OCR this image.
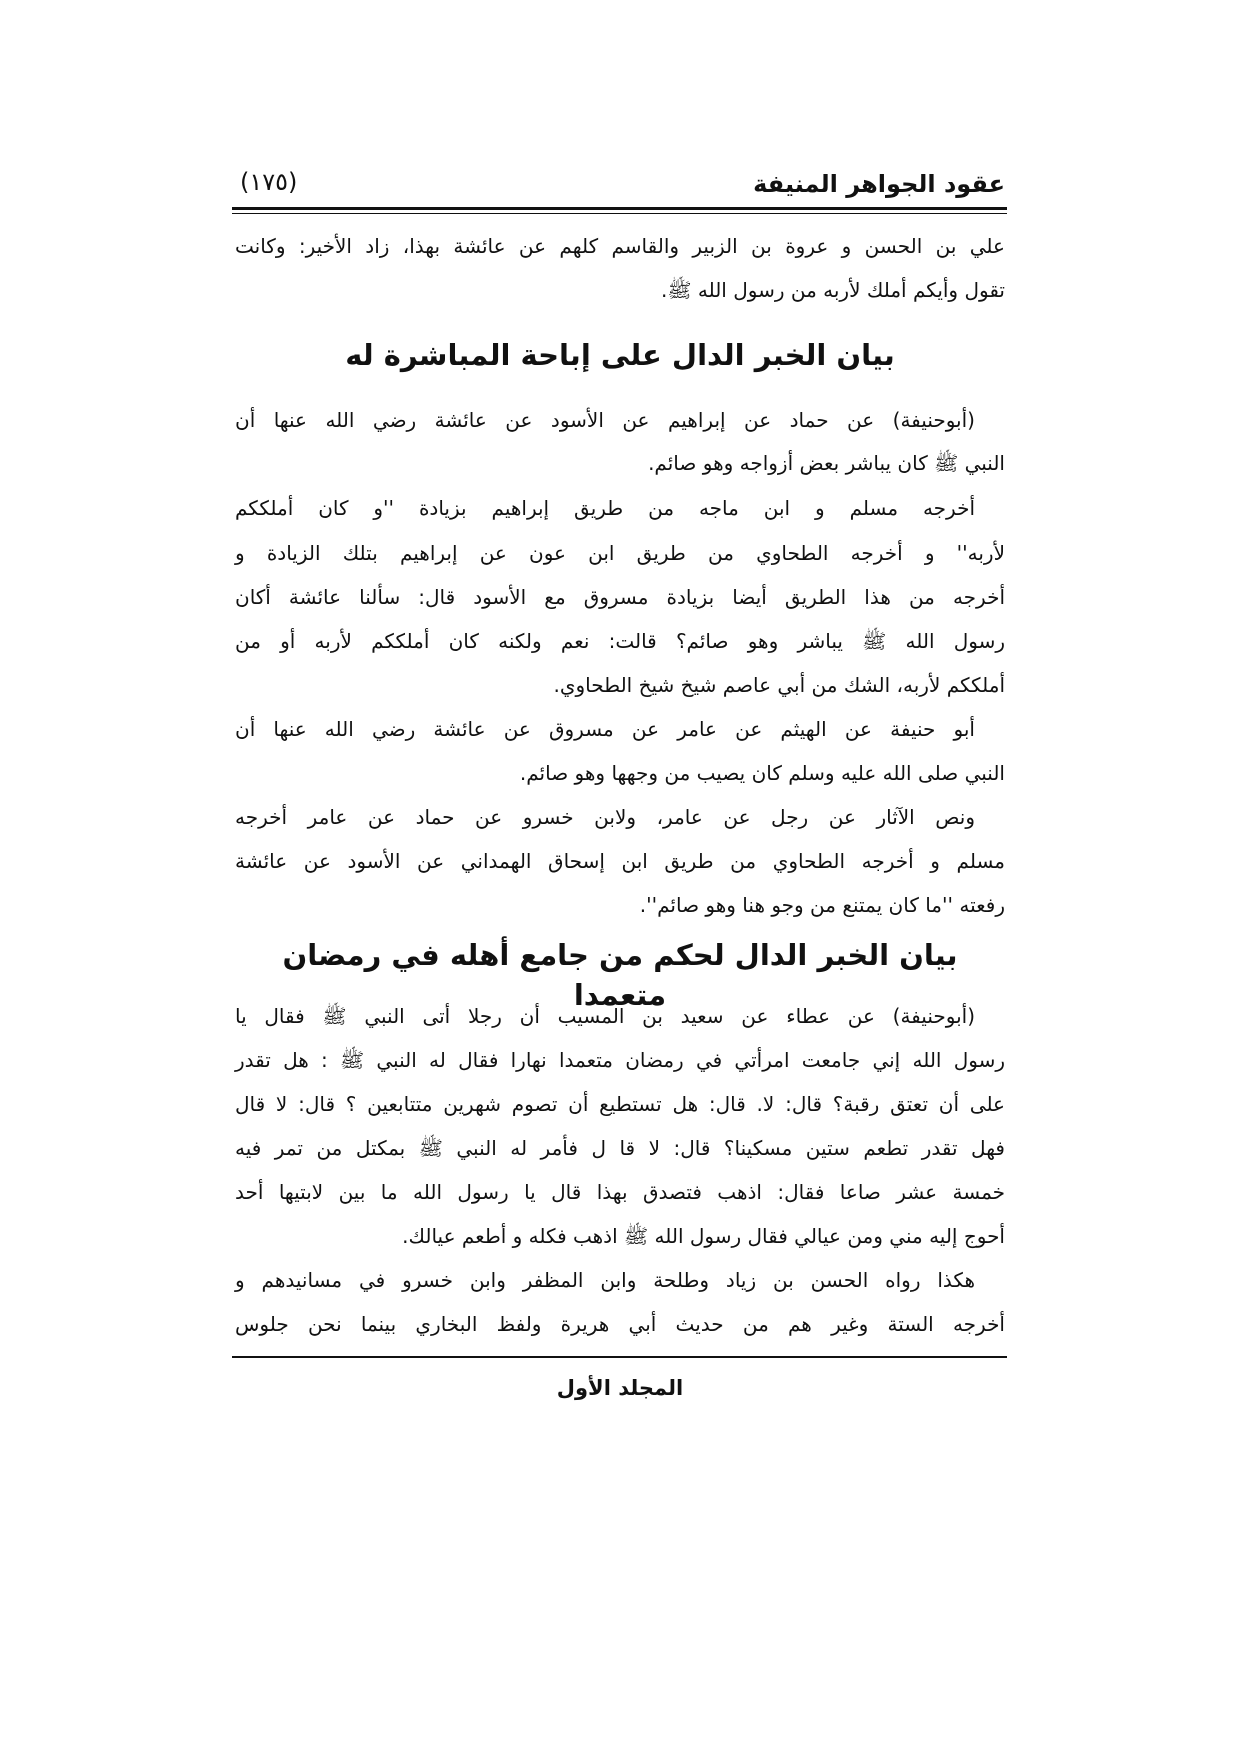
عقود الجواهر المنيفة
(١٧٥)
علي بن الحسن و عروة بن الزبير والقاسم كلهم عن عائشة بهذا، زاد الأخير: وكانت
تقول وأيكم أملك لأربه من رسول الله ﷺ.
بيان الخبر الدال على إباحة المباشرة له
(أبوحنيفة) عن حماد عن إبراهيم عن الأسود عن عائشة رضي الله عنها أن
النبي ﷺ كان يباشر بعض أزواجه وهو صائم.
أخرجه مسلم و ابن ماجه من طريق إبراهيم بزيادة ''و كان أملككم
لأربه'' و أخرجه الطحاوي من طريق ابن عون عن إبراهيم بتلك الزيادة و
أخرجه من هذا الطريق أيضا بزيادة مسروق مع الأسود قال: سألنا عائشة أكان
رسول الله ﷺ يباشر وهو صائم؟ قالت: نعم ولكنه كان أملككم لأربه أو من
أملككم لأربه، الشك من أبي عاصم شيخ شيخ الطحاوي.
أبو حنيفة عن الهيثم عن عامر عن مسروق عن عائشة رضي الله عنها أن
النبي صلى الله عليه وسلم كان يصيب من وجهها وهو صائم.
ونص الآثار عن رجل عن عامر، ولابن خسرو عن حماد عن عامر أخرجه
مسلم و أخرجه الطحاوي من طريق ابن إسحاق الهمداني عن الأسود عن عائشة
رفعته ''ما كان يمتنع من وجو هنا وهو صائم''.
بيان الخبر الدال لحكم من جامع أهله في رمضان متعمدا
(أبوحنيفة) عن عطاء عن سعيد بن المسيب أن رجلا أتى النبي ﷺ فقال يا
رسول الله إني جامعت امرأتي في رمضان متعمدا نهارا فقال له النبي ﷺ : هل تقدر
على أن تعتق رقبة؟ قال: لا. قال: هل تستطيع أن تصوم شهرين متتابعين ؟ قال: لا قال
فهل تقدر تطعم ستين مسكينا؟ قال: لا قا ل فأمر له النبي ﷺ بمكتل من تمر فيه
خمسة عشر صاعا فقال: اذهب فتصدق بهذا قال يا رسول الله ما بين لابتيها أحد
أحوج إليه مني ومن عيالي فقال رسول الله ﷺ اذهب فكله و أطعم عيالك.
هكذا رواه الحسن بن زياد وطلحة وابن المظفر وابن خسرو في مسانيدهم و
أخرجه الستة وغير هم من حديث أبي هريرة ولفظ البخاري بينما نحن جلوس
المجلد الأول
